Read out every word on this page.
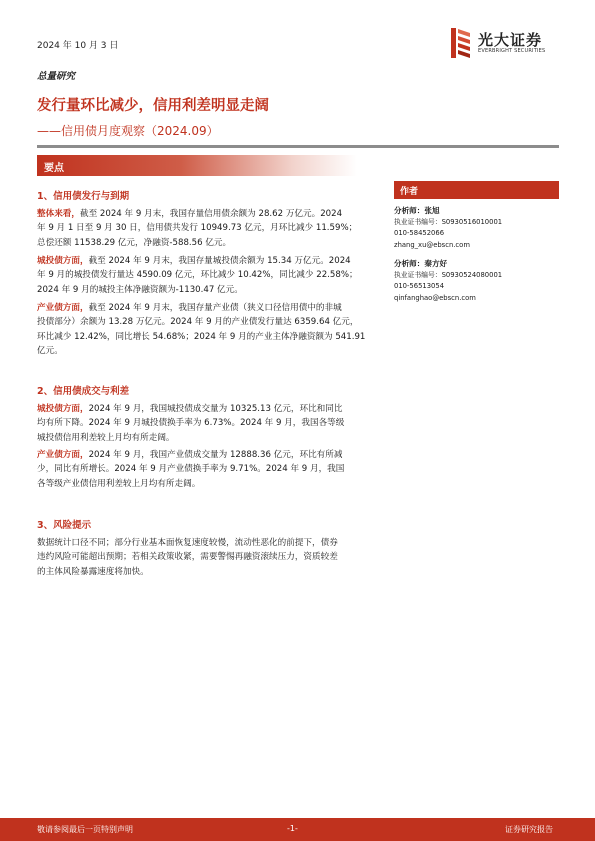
2024 年 10 月 3 日	光大证券
EVERBRIGHT SECURITIES
总量研究
发行量环比减少，信用利差明显走阔
——信用债月度观察（2024.09）
要点
1、信用债发行与到期
整体来看，截至 2024 年 9 月末，我国存量信用债余额为 28.62 万亿元。2024
年 9 月 1 日至 9 月 30 日，信用债共发行 10949.73 亿元，月环比减少 11.59%；
总偿还额 11538.29 亿元，净融资-588.56 亿元。
城投债方面，截至 2024 年 9 月末，我国存量城投债余额为 15.34 万亿元。2024
年 9 月的城投债发行量达 4590.09 亿元，环比减少 10.42%，同比减少 22.58%；
2024 年 9 月的城投主体净融资额为-1130.47 亿元。
产业债方面，截至 2024 年 9 月末，我国存量产业债（狭义口径信用债中的非城
投债部分）余额为 13.28 万亿元。2024 年 9 月的产业债发行量达 6359.64 亿元，
环比减少 12.42%，同比增长 54.68%；2024 年 9 月的产业主体净融资额为 541.91
亿元。
2、信用债成交与利差
城投债方面，2024 年 9 月，我国城投债成交量为 10325.13 亿元，环比和同比
均有所下降。2024 年 9 月城投债换手率为 6.73%。2024 年 9 月，我国各等级
城投债信用利差较上月均有所走阔。
产业债方面，2024 年 9 月，我国产业债成交量为 12888.36 亿元，环比有所减
少，同比有所增长。2024 年 9 月产业债换手率为 9.71%。2024 年 9 月，我国
各等级产业债信用利差较上月均有所走阔。
3、风险提示
数据统计口径不同；部分行业基本面恢复速度较慢，流动性恶化的前提下，债券
违约风险可能超出预期；若相关政策收紧，需要警惕再融资滚续压力，资质较差
的主体风险暴露速度将加快。
作者
分析师：张旭
执业证书编号：S0930516010001
010-58452066
zhang_xu@ebscn.com
分析师：秦方好
执业证书编号：S0930524080001
010-56513054
qinfanghao@ebscn.com
敬请参阅最后一页特别声明	-1-	证券研究报告
